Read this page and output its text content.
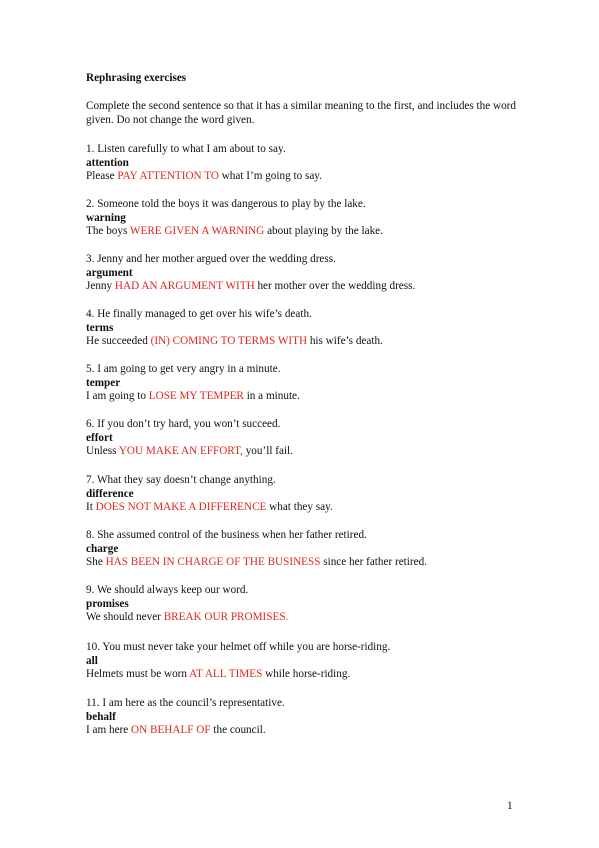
Rephrasing exercises
Complete the second sentence so that it has a similar meaning to the first, and includes the word given. Do not change the word given.
1. Listen carefully to what I am about to say.
attention
Please PAY ATTENTION TO what I’m going to say.
2. Someone told the boys it was dangerous to play by the lake.
warning
The boys WERE GIVEN A WARNING about playing by the lake.
3. Jenny and her mother argued over the wedding dress.
argument
Jenny HAD AN ARGUMENT WITH her mother over the wedding dress.
4. He finally managed to get over his wife’s death.
terms
He succeeded (IN) COMING TO TERMS WITH his wife’s death.
5. I am going to get very angry in a minute.
temper
I am going to LOSE MY TEMPER in a minute.
6. If you don’t try hard, you won’t succeed.
effort
Unless YOU MAKE AN EFFORT, you’ll fail.
7. What they say doesn’t change anything.
difference
It DOES NOT MAKE A DIFFERENCE what they say.
8. She assumed control of the business when her father retired.
charge
She HAS BEEN IN CHARGE OF THE BUSINESS since her father retired.
9. We should always keep our word.
promises
We should never BREAK OUR PROMISES.
10. You must never take your helmet off while you are horse-riding.
all
Helmets must be worn AT ALL TIMES while horse-riding.
11. I am here as the council’s representative.
behalf
I am here ON BEHALF OF the council.
1
